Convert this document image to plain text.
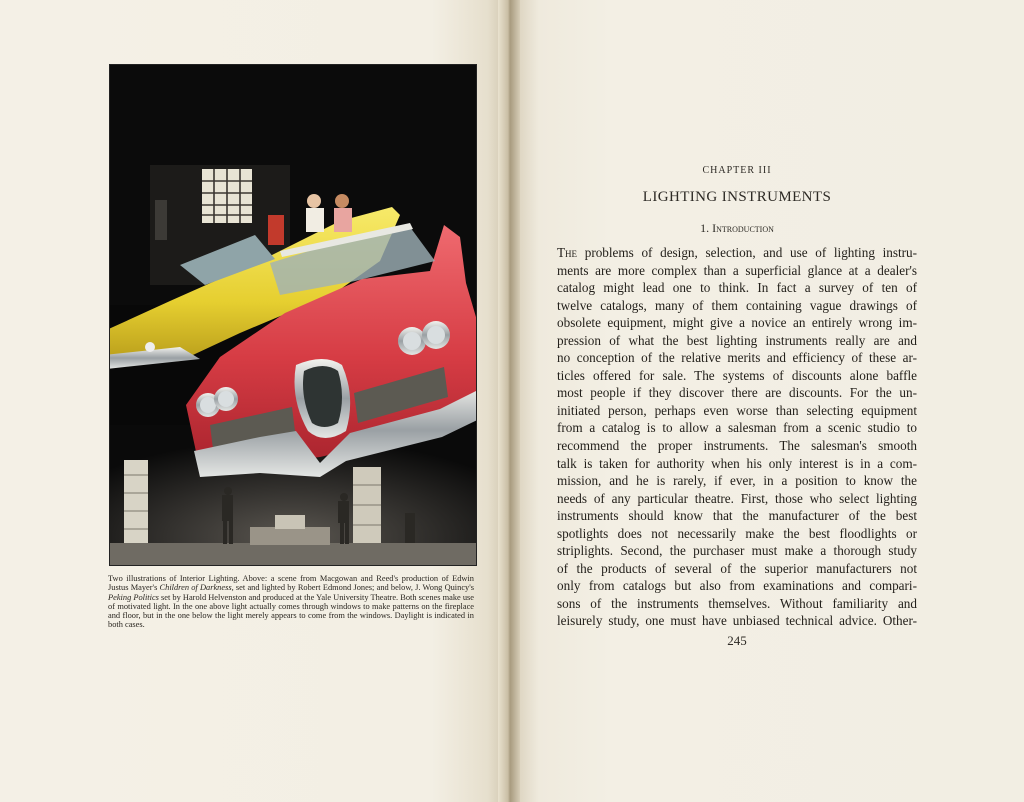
Two illustrations of Interior Lighting. Above: a scene from Macgowan and Reed's production of Edwin Justus Mayer's Children of Darkness, set and lighted by Robert Edmond Jones; and below, J. Wong Quincy's Peking Politics set by Harold Helvenston and produced at the Yale University Theatre. Both scenes make use of motivated light. In the one above light actually comes through windows to make patterns on the fireplace and floor, but in the one below the light merely appears to come from the windows. Daylight is indicated in both cases.
CHAPTER III
LIGHTING INSTRUMENTS
1. Introduction
The problems of design, selection, and use of lighting instru-
ments are more complex than a superficial glance at a dealer's
catalog might lead one to think. In fact a survey of ten of
twelve catalogs, many of them containing vague drawings of
obsolete equipment, might give a novice an entirely wrong im-
pression of what the best lighting instruments really are and
no conception of the relative merits and efficiency of these ar-
ticles offered for sale. The systems of discounts alone baffle
most people if they discover there are discounts. For the un-
initiated person, perhaps even worse than selecting equipment
from a catalog is to allow a salesman from a scenic studio to
recommend the proper instruments. The salesman's smooth
talk is taken for authority when his only interest is in a com-
mission, and he is rarely, if ever, in a position to know the
needs of any particular theatre. First, those who select lighting
instruments should know that the manufacturer of the best
spotlights does not necessarily make the best floodlights or
striplights. Second, the purchaser must make a thorough study
of the products of several of the superior manufacturers not
only from catalogs but also from examinations and compari-
sons of the instruments themselves. Without familiarity and
leisurely study, one must have unbiased technical advice. Other-
245
